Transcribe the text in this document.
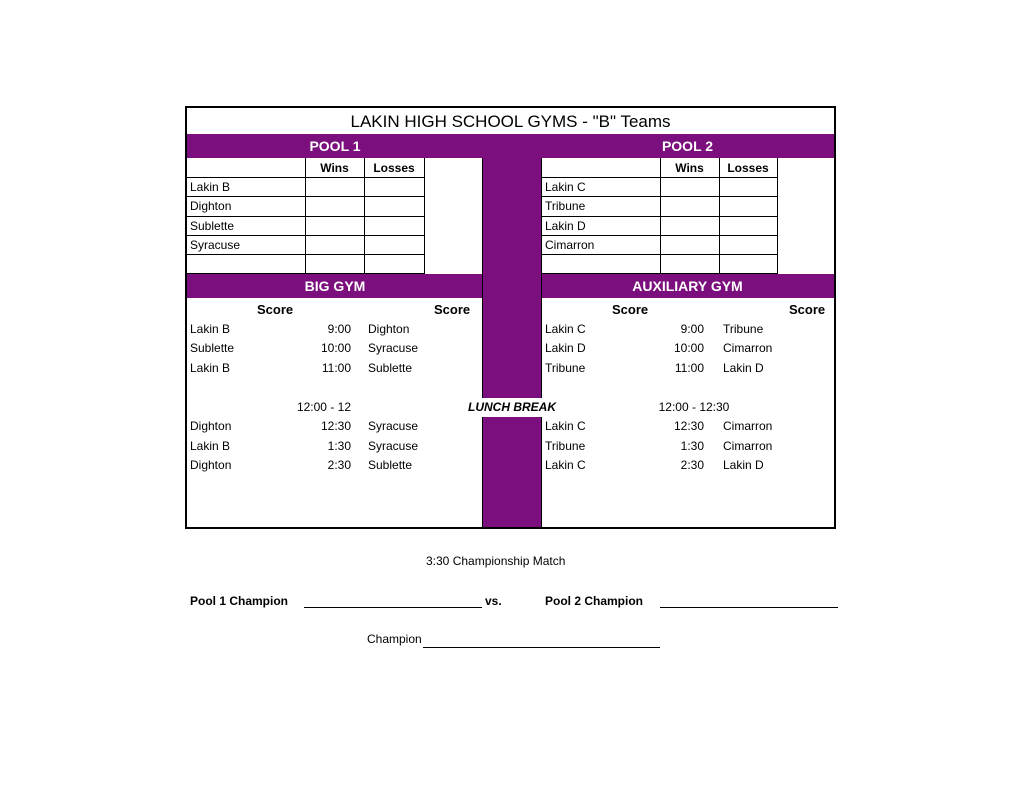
LAKIN HIGH SCHOOL GYMS - "B" Teams
POOL 1	POOL 2
BIG GYM	AUXILIARY GYM
Wins	Losses
Lakin B
Dighton
Sublette
Syracuse
Wins	Losses
Lakin C
Tribune
Lakin D
Cimarron
Score	Score
Lakin B	9:00 Dighton
Sublette	10:00 Syracuse
Lakin B	11:00 Sublette
12:00 - 12
Dighton	12:30 Syracuse
Lakin B	1:30 Syracuse
Dighton	2:30 Sublette
LUNCH BREAK
Score	Score
Lakin C	9:00 Tribune
Lakin D	10:00 Cimarron
Tribune	11:00 Lakin D
12:00 - 12:30
Lakin C	12:30 Cimarron
Tribune	1:30 Cimarron
Lakin C	2:30 Lakin D
3:30 Championship Match
Pool 1 Champion	vs.	Pool 2 Champion
Champion
